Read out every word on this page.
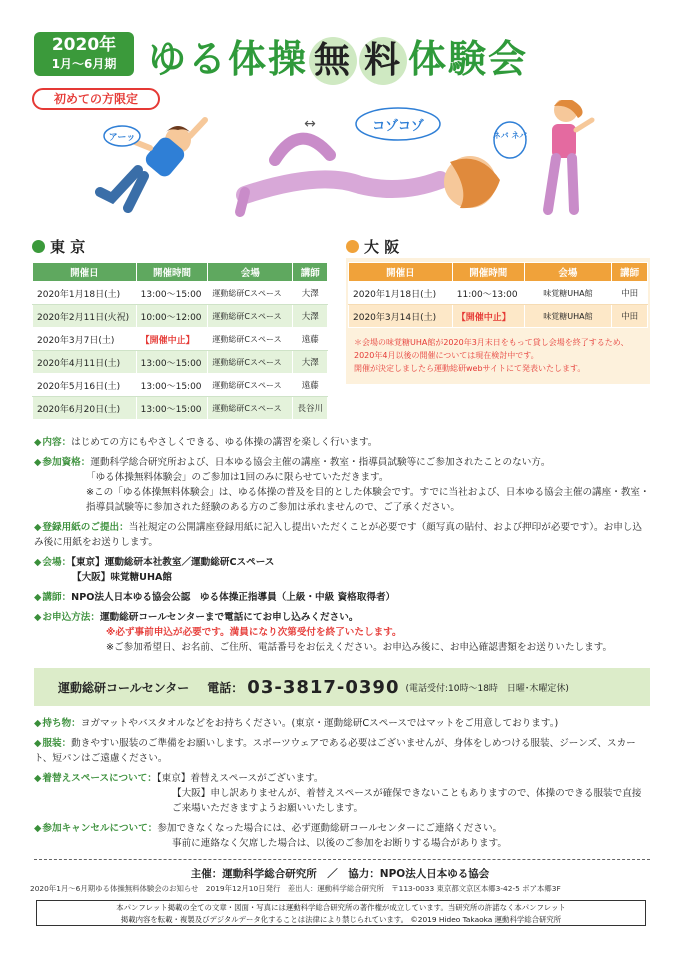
2020年
1月〜6月期 ゆる体操 無 料 体験会
初めての方限定
アーッ
↔	コゾコゾ
ネバ ネバ
東 京
開催日	開催時間	会場	講師
2020年1月18日(土)	13:00〜15:00	運動総研Cスペース	大澤
2020年2月11日(火祝)	10:00〜12:00	運動総研Cスペース	大澤
2020年3月7日(土)	【開催中止】	運動総研Cスペース	遠藤
2020年4月11日(土)	13:00〜15:00	運動総研Cスペース	大澤
2020年5月16日(土)	13:00〜15:00	運動総研Cスペース	遠藤
2020年6月20日(土)	13:00〜15:00	運動総研Cスペース	長谷川
大 阪
開催日	開催時間	会場	講師
2020年1月18日(土)	11:00〜13:00	味覚糖UHA館	中田
2020年3月14日(土)	【開催中止】	味覚糖UHA館	中田
＊会場の味覚糖UHA館が2020年3月末日をもって貸し会場を終了するため、2020年4月以後の開催については現在検討中です。
開催が決定しましたら運動総研webサイトにて発表いたします。
◆ 内容：はじめての方にもやさしくできる、ゆる体操の講習を楽しく行います。
◆ 参加資格：運動科学総合研究所および、日本ゆる協会主催の講座・教室・指導員試験等にご参加されたことのない方。
「ゆる体操無料体験会」のご参加は1回のみに限らせていただきます。
※この「ゆる体操無料体験会」は、ゆる体操の普及を目的とした体験会です。すでに当社および、日本ゆる協会主催の講座・教室・指導員試験等に参加された経験のある方のご参加は承れませんので、ご了承ください。
◆ 登録用紙のご提出：当社規定の公開講座登録用紙に記入し提出いただくことが必要です（顔写真の貼付、および押印が必要です）。お申し込み後に用紙をお送りします。
◆ 会場：【東京】運動総研本社教室／運動総研Cスペース
【大阪】味覚糖UHA館
◆ 講師：NPO法人日本ゆる協会公認　ゆる体操正指導員（上級・中級 資格取得者）
◆ お申込方法：運動総研コールセンターまで電話にてお申し込みください。
※必ず事前申込が必要です。満員になり次第受付を終了いたします。
※ご参加希望日、お名前、ご住所、電話番号をお伝えください。お申込み後に、お申込確認書類をお送りいたします。
運動総研コールセンター 電話： 03-3817-0390 (電話受付:10時〜18時　日曜･木曜定休)
◆ 持ち物：ヨガマットやバスタオルなどをお持ちください。(東京・運動総研Cスペースではマットをご用意しております。)
◆ 服装：動きやすい服装のご準備をお願いします。スポーツウェアである必要はございませんが、身体をしめつける服装、ジーンズ、スカート、短パンはご遠慮ください。
◆ 着替えスペースについて：【東京】着替えスペースがございます。
【大阪】申し訳ありませんが、着替えスペースが確保できないこともありますので、体操のできる服装で直接ご来場いただきますようお願いいたします。
◆ 参加キャンセルについて：参加できなくなった場合には、必ず運動総研コールセンターにご連絡ください。
事前に連絡なく欠席した場合は、以後のご参加をお断りする場合があります。
主催：運動科学総合研究所　／　協力：NPO法人日本ゆる協会
2020年1月〜6月期ゆる体操無料体験会のお知らせ　2019年12月10日発行　差出人：運動科学総合研究所　〒113-0033 東京都文京区本郷3-42-5 ボア本郷3F
本パンフレット掲載の全ての文章・図面・写真には運動科学総合研究所の著作権が成立しています。当研究所の許諾なく本パンフレット
掲載内容を転載・複製及びデジタルデータ化することは法律により禁じられています。 ©2019 Hideo Takaoka 運動科学総合研究所
